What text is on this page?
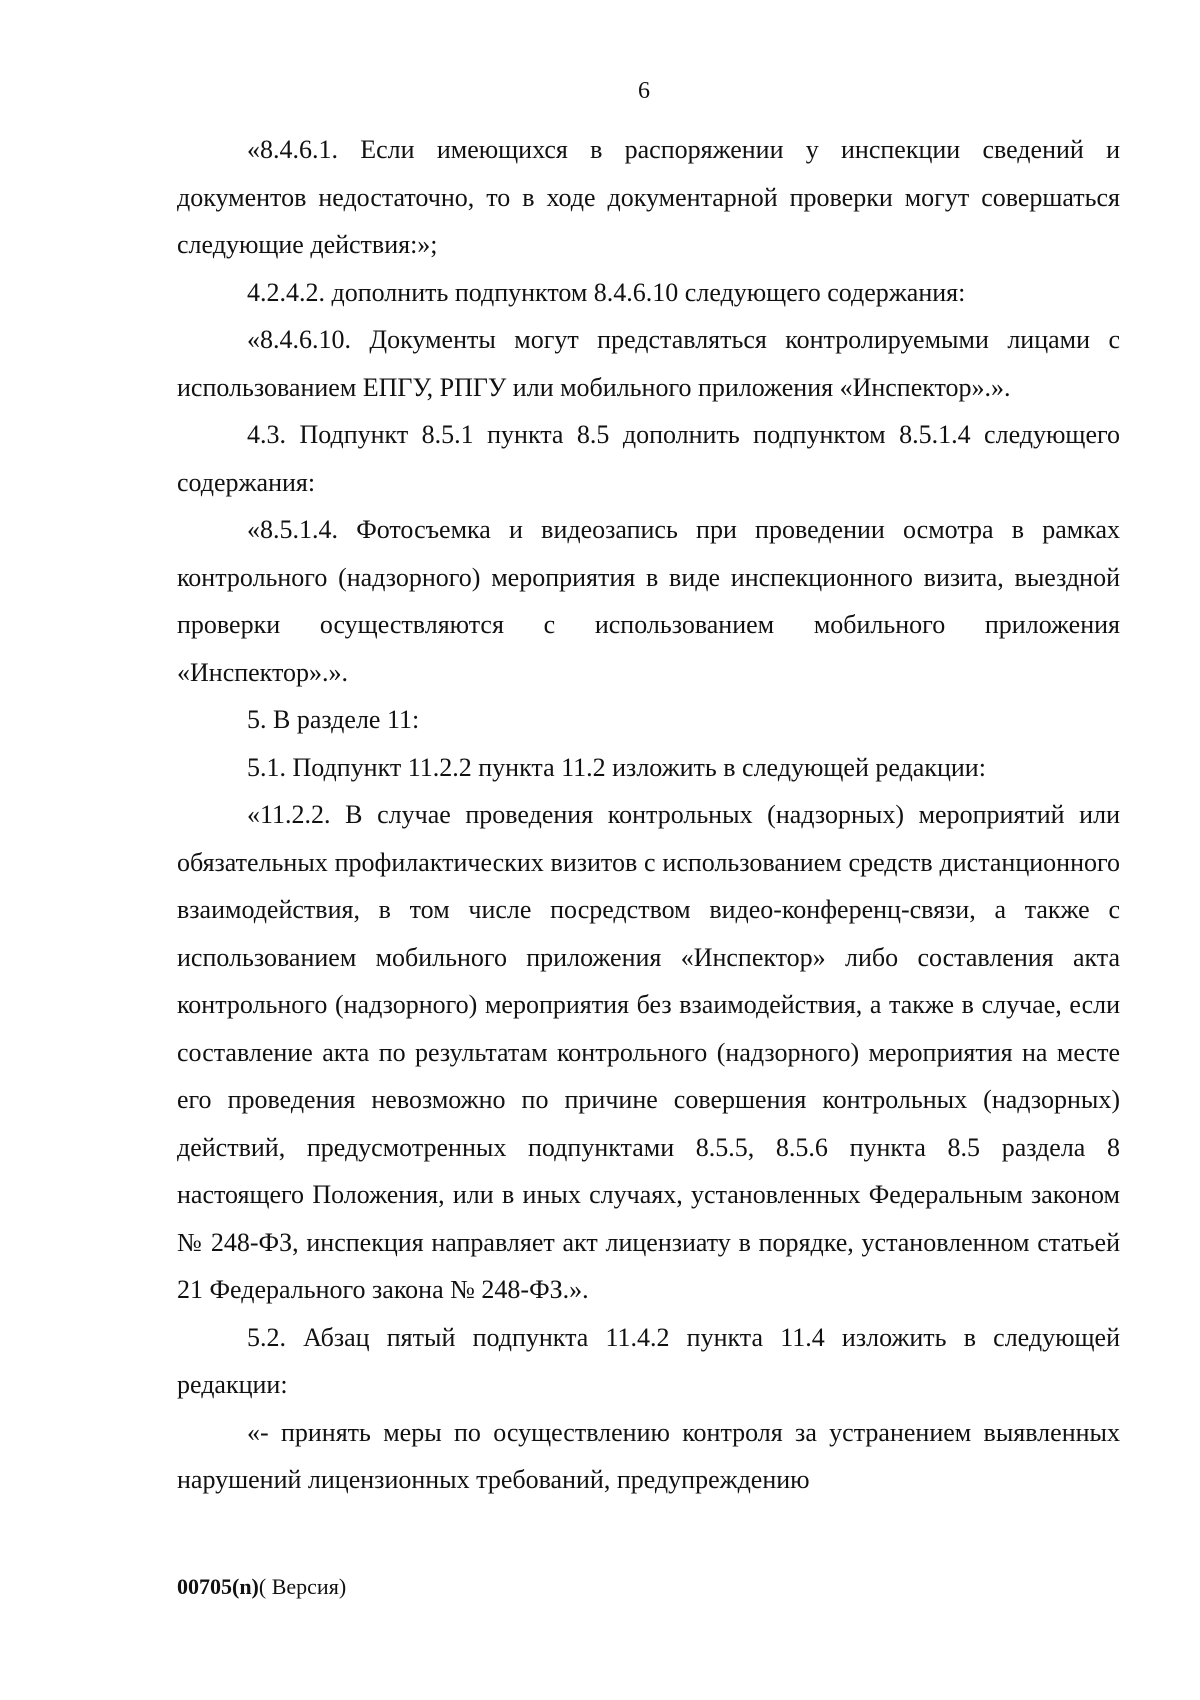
6

«8.4.6.1. Если имеющихся в распоряжении у инспекции сведений и документов недостаточно, то в ходе документарной проверки могут совершаться следующие действия:»;

4.2.4.2. дополнить подпунктом 8.4.6.10 следующего содержания:

«8.4.6.10. Документы могут представляться контролируемыми лицами с использованием ЕПГУ, РПГУ или мобильного приложения «Инспектор».».

4.3. Подпункт 8.5.1 пункта 8.5 дополнить подпунктом 8.5.1.4 следующего содержания:

«8.5.1.4. Фотосъемка и видеозапись при проведении осмотра в рамках контрольного (надзорного) мероприятия в виде инспекционного визита, выездной проверки осуществляются с использованием мобильного приложения «Инспектор».».

5. В разделе 11:

5.1. Подпункт 11.2.2 пункта 11.2 изложить в следующей редакции:

«11.2.2. В случае проведения контрольных (надзорных) мероприятий или обязательных профилактических визитов с использованием средств дистанционного взаимодействия, в том числе посредством видео-конференц-связи, а также с использованием мобильного приложения «Инспектор» либо составления акта контрольного (надзорного) мероприятия без взаимодействия, а также в случае, если составление акта по результатам контрольного (надзорного) мероприятия на месте его проведения невозможно по причине совершения контрольных (надзорных) действий, предусмотренных подпунктами 8.5.5, 8.5.6 пункта 8.5 раздела 8 настоящего Положения, или в иных случаях, установленных Федеральным законом № 248-ФЗ, инспекция направляет акт лицензиату в порядке, установленном статьей 21 Федерального закона № 248-ФЗ.».

5.2. Абзац пятый подпункта 11.4.2 пункта 11.4 изложить в следующей редакции:

«- принять меры по осуществлению контроля за устранением выявленных нарушений лицензионных требований, предупреждению

00705(n)( Версия)
